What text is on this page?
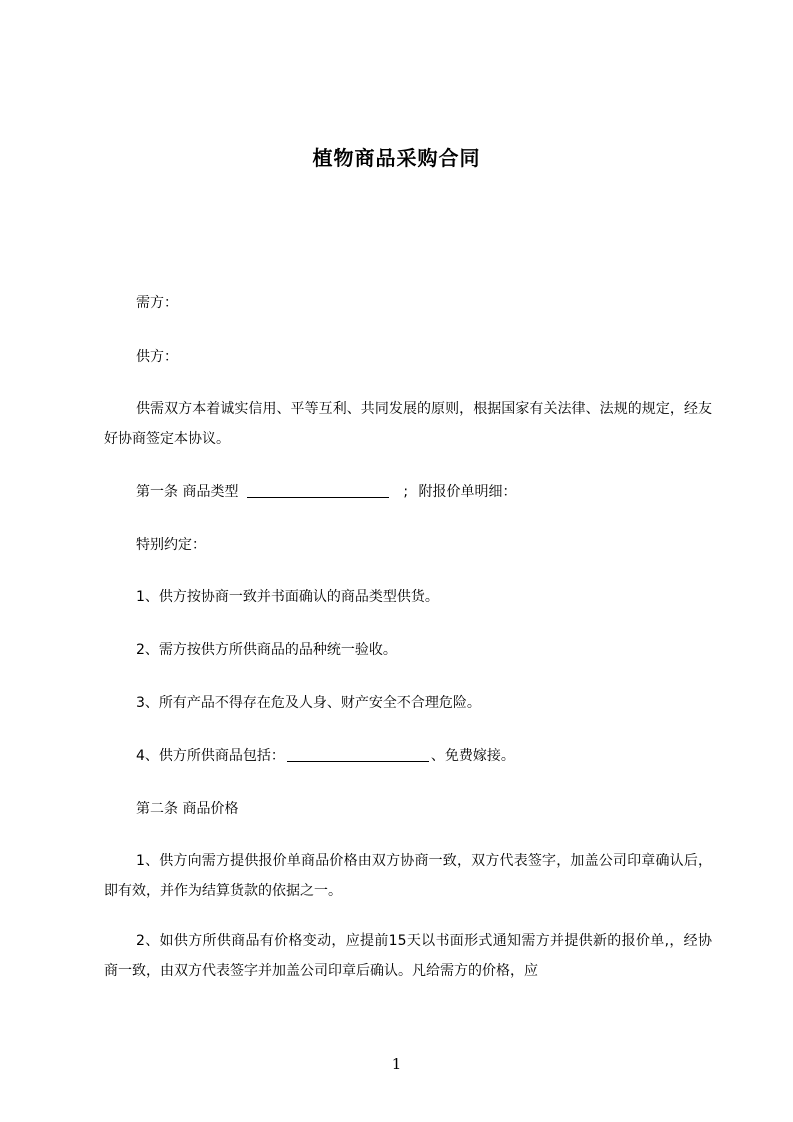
植物商品采购合同
需方：
供方：
供需双方本着诚实信用、平等互利、共同发展的原则，根据国家有关法律、法规的规定，经友好协商签定本协议。
第一条 商品类型	; 附报价单明细：
特别约定：
1、供方按协商一致并书面确认的商品类型供货。
2、需方按供方所供商品的品种统一验收。
3、所有产品不得存在危及人身、财产安全不合理危险。
4、供方所供商品包括：	、免费嫁接。
第二条 商品价格
1、供方向需方提供报价单商品价格由双方协商一致，双方代表签字，加盖公司印章确认后，即有效，并作为结算货款的依据之一。
2、如供方所供商品有价格变动，应提前15天以书面形式通知需方并提供新的报价单,，经协商一致，由双方代表签字并加盖公司印章后确认。凡给需方的价格，应
1
